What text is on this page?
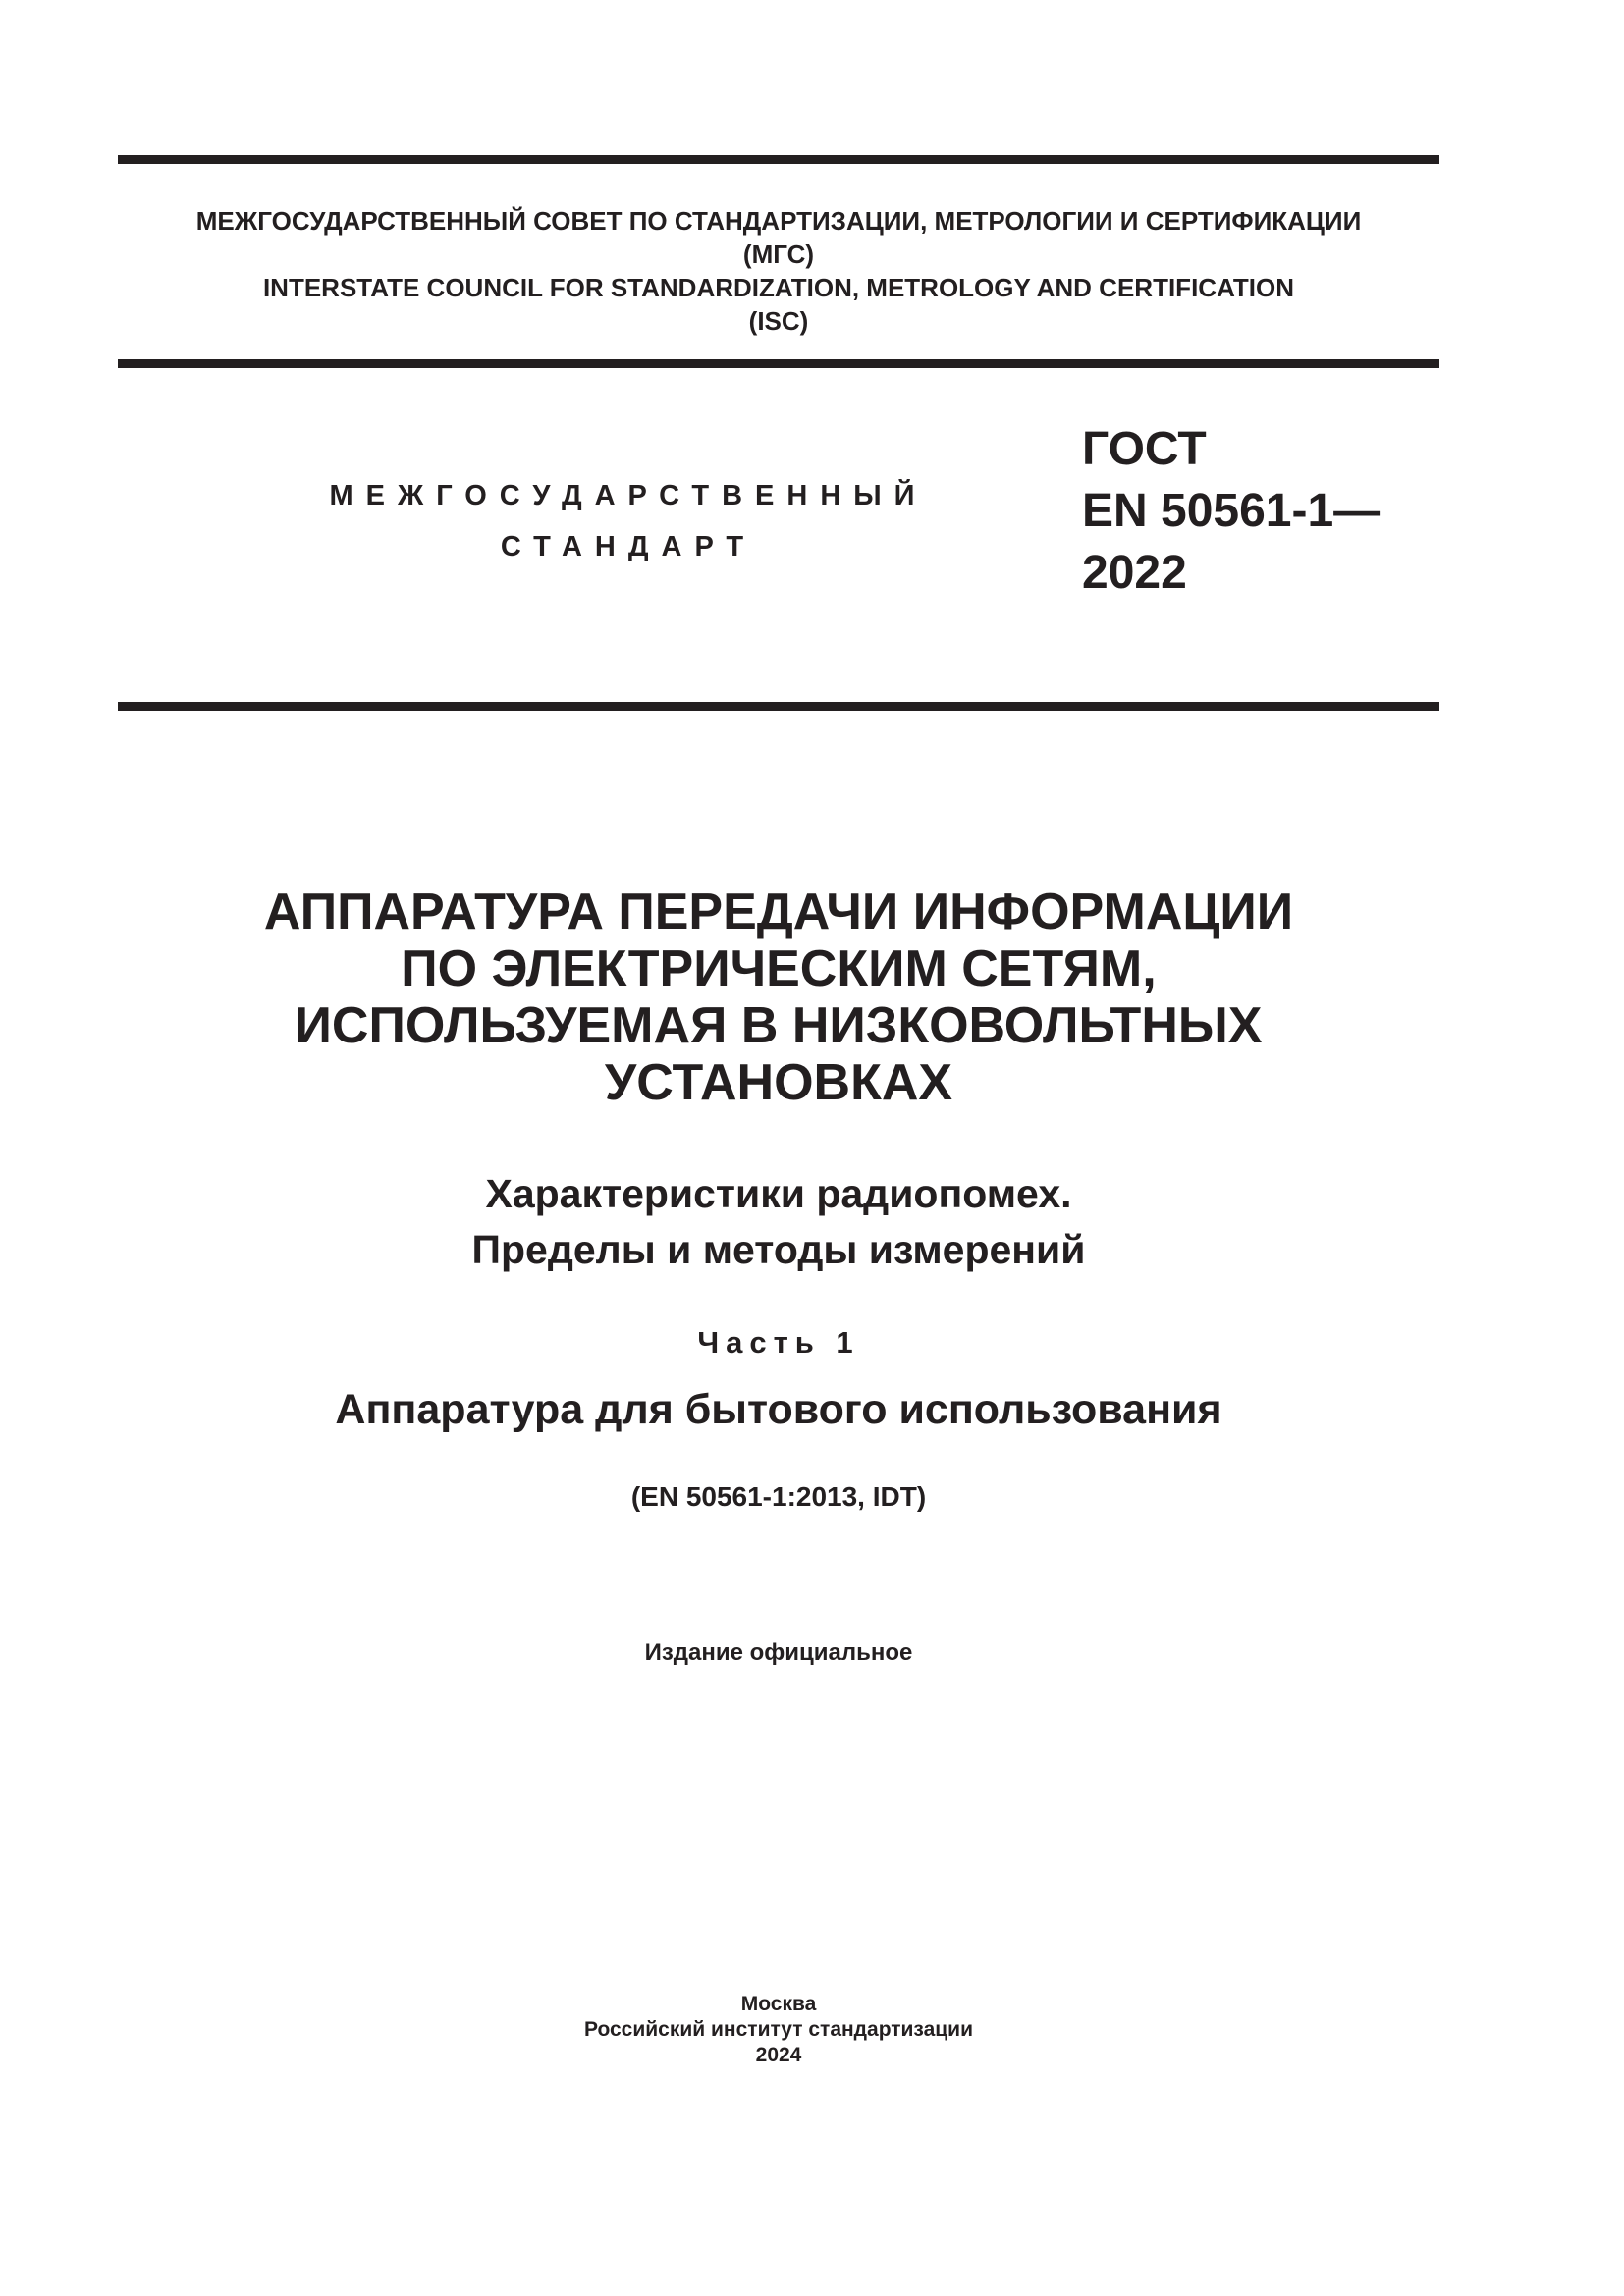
МЕЖГОСУДАРСТВЕННЫЙ СОВЕТ ПО СТАНДАРТИЗАЦИИ, МЕТРОЛОГИИ И СЕРТИФИКАЦИИ
(МГС)
INTERSTATE COUNCIL FOR STANDARDIZATION, METROLOGY AND CERTIFICATION
(ISC)
МЕЖГОСУДАРСТВЕННЫЙ
СТАНДАРТ
ГОСТ
EN 50561-1—
2022
АППАРАТУРА ПЕРЕДАЧИ ИНФОРМАЦИИ
ПО ЭЛЕКТРИЧЕСКИМ СЕТЯМ,
ИСПОЛЬЗУЕМАЯ В НИЗКОВОЛЬТНЫХ
УСТАНОВКАХ
Характеристики радиопомех.
Пределы и методы измерений
Часть 1
Аппаратура для бытового использования
(EN 50561-1:2013, IDT)
Издание официальное
Москва
Российский институт стандартизации
2024
